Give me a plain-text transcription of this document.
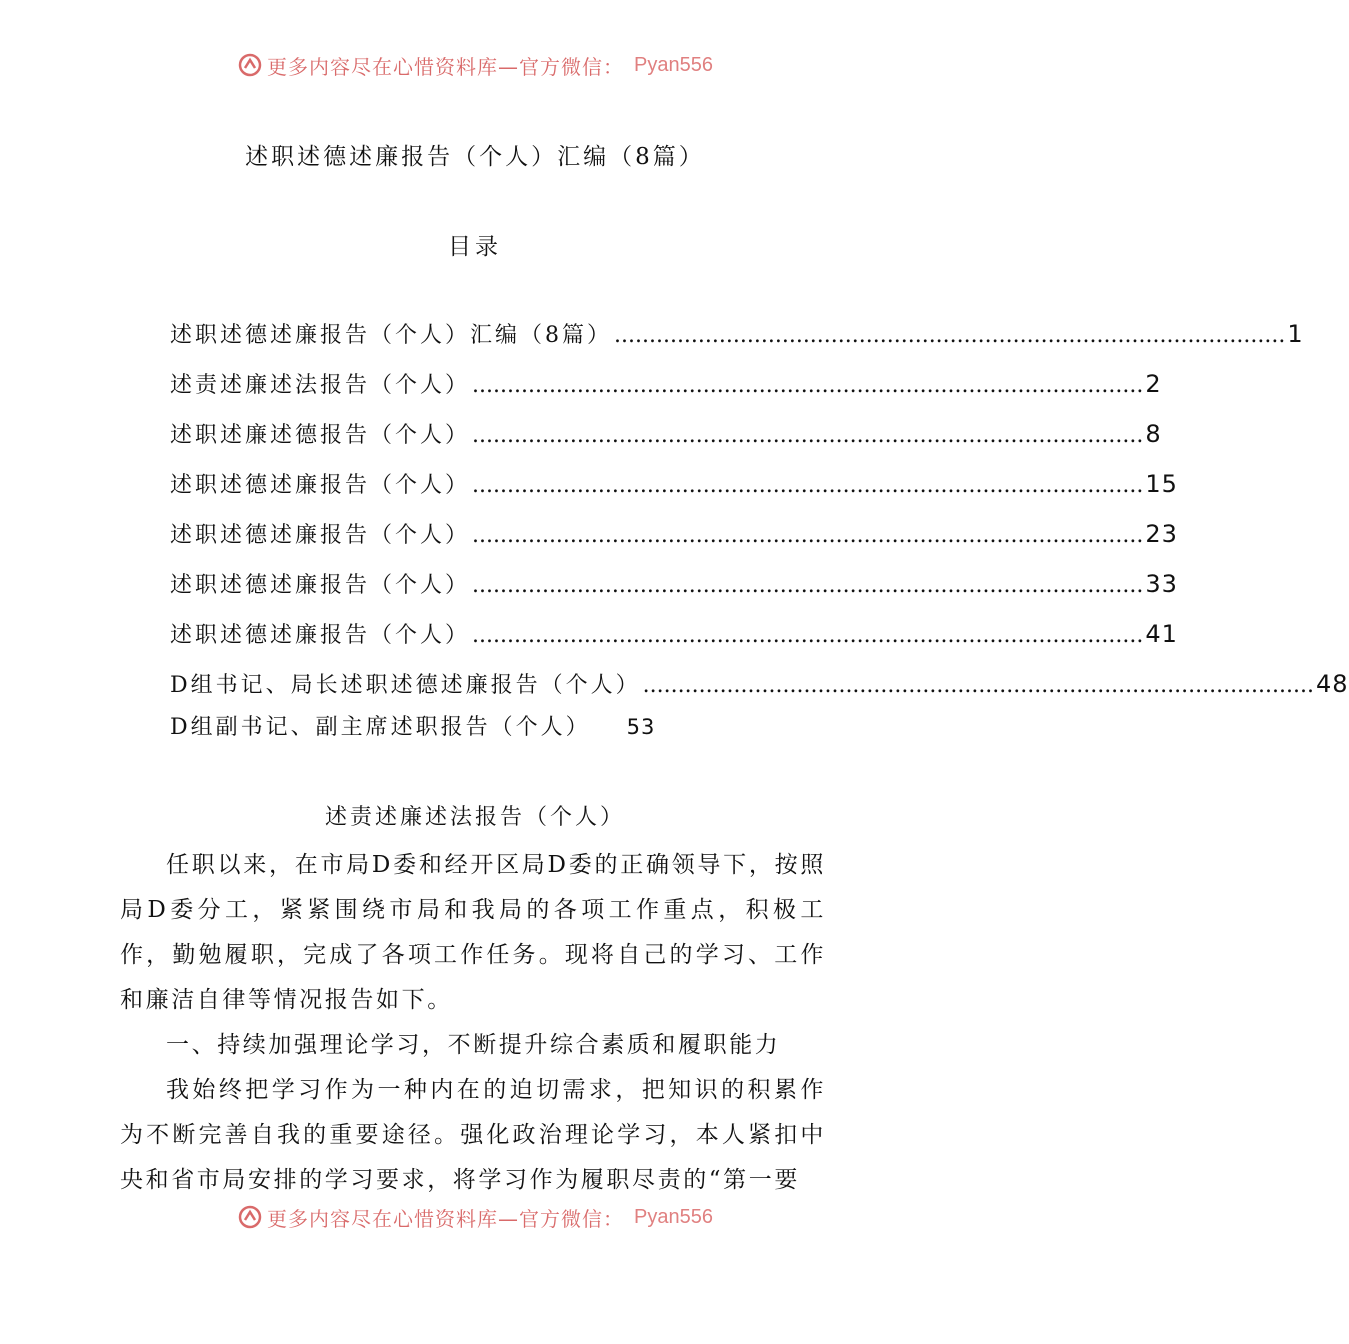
更多内容尽在心惜资料库—官方微信： Pyan556
述职述德述廉报告（个人）汇编（8篇）
目录
述职述德述廉报告（个人）汇编（8篇） ................................................................................................ 1
述责述廉述法报告（个人） ................................................................................................ 2
述职述廉述德报告（个人） ................................................................................................ 8
述职述德述廉报告（个人） ................................................................................................ 15
述职述德述廉报告（个人） ................................................................................................ 23
述职述德述廉报告（个人） ................................................................................................ 33
述职述德述廉报告（个人） ................................................................................................ 41
D组书记、局长述职述德述廉报告（个人） ................................................................................................ 48
D组副书记、副主席述职报告（个人） 53
述责述廉述法报告（个人）

任职以来，在市局D委和经开区局D委的正确领导下，按照局D委分工，紧紧围绕市局和我局的各项工作重点，积极工作，勤勉履职，完成了各项工作任务。现将自己的学习、工作和廉洁自律等情况报告如下。

一、持续加强理论学习，不断提升综合素质和履职能力

我始终把学习作为一种内在的迫切需求，把知识的积累作为不断完善自我的重要途径。强化政治理论学习，本人紧扣中央和省市局安排的学习要求，将学习作为履职尽责的“第一要

更多内容尽在心惜资料库—官方微信： Pyan556
